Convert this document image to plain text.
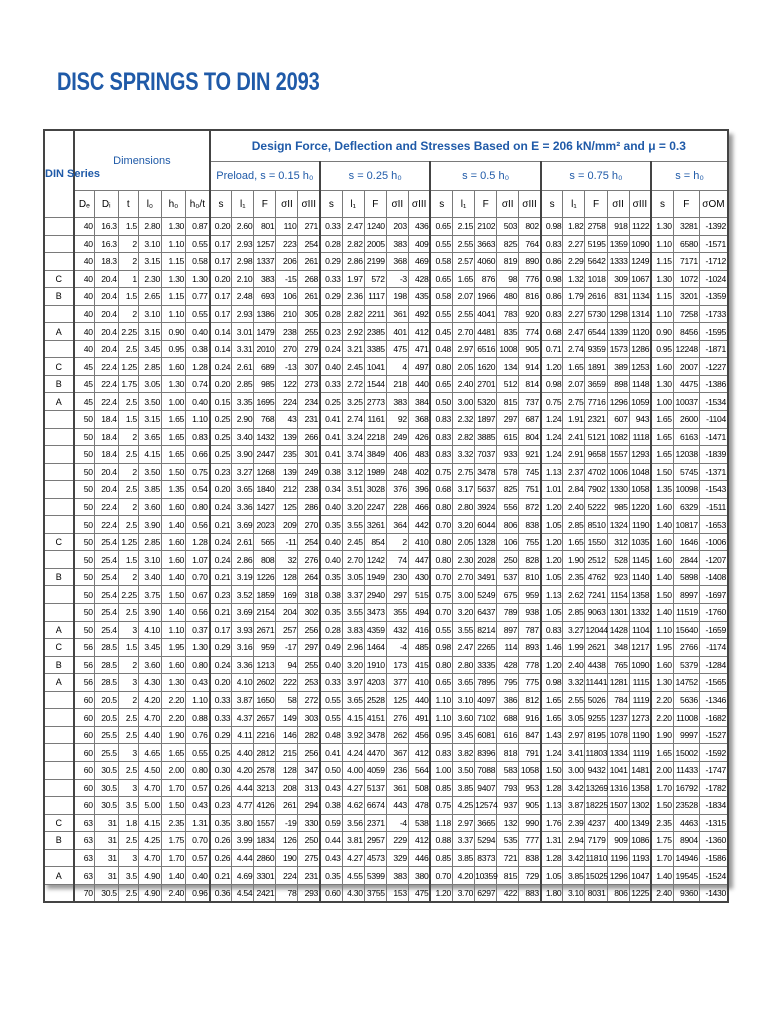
DISC SPRINGS TO DIN 2093
DIN Series	Dimensions						Design Force, Deflection and Stresses Based on E = 206 kN/mm² and μ = 0.3																						
							Preload, s = 0.15 h₀					s = 0.25 h₀					s = 0.5 h₀					s = 0.75 h₀					s = h₀		
	Dₑ	Dᵢ	t	l₀	h₀	h₀/t	s	l₁	F	σII	σIII	s	l₁	F	σII	σIII	s	l₁	F	σII	σIII	s	l₁	F	σII	σIII	s	F	σOM
	40	16.3	1.5	2.80	1.30	0.87	0.20	2.60	801	110	271	0.33	2.47	1240	203	436	0.65	2.15	2102	503	802	0.98	1.82	2758	918	1122	1.30	3281	-1392
	40	16.3	2	3.10	1.10	0.55	0.17	2.93	1257	223	254	0.28	2.82	2005	383	409	0.55	2.55	3663	825	764	0.83	2.27	5195	1359	1090	1.10	6580	-1571
	40	18.3	2	3.15	1.15	0.58	0.17	2.98	1337	206	261	0.29	2.86	2199	368	469	0.58	2.57	4060	819	890	0.86	2.29	5642	1333	1249	1.15	7171	-1712
C	40	20.4	1	2.30	1.30	1.30	0.20	2.10	383	-15	268	0.33	1.97	572	-3	428	0.65	1.65	876	98	776	0.98	1.32	1018	309	1067	1.30	1072	-1024
B	40	20.4	1.5	2.65	1.15	0.77	0.17	2.48	693	106	261	0.29	2.36	1117	198	435	0.58	2.07	1966	480	816	0.86	1.79	2616	831	1134	1.15	3201	-1359
	40	20.4	2	3.10	1.10	0.55	0.17	2.93	1386	210	305	0.28	2.82	2211	361	492	0.55	2.55	4041	783	920	0.83	2.27	5730	1298	1314	1.10	7258	-1733
A	40	20.4	2.25	3.15	0.90	0.40	0.14	3.01	1479	238	255	0.23	2.92	2385	401	412	0.45	2.70	4481	835	774	0.68	2.47	6544	1339	1120	0.90	8456	-1595
	40	20.4	2.5	3.45	0.95	0.38	0.14	3.31	2010	270	279	0.24	3.21	3385	475	471	0.48	2.97	6516	1008	905	0.71	2.74	9359	1573	1286	0.95	12248	-1871
C	45	22.4	1.25	2.85	1.60	1.28	0.24	2.61	689	-13	307	0.40	2.45	1041	4	497	0.80	2.05	1620	134	914	1.20	1.65	1891	389	1253	1.60	2007	-1227
B	45	22.4	1.75	3.05	1.30	0.74	0.20	2.85	985	122	273	0.33	2.72	1544	218	440	0.65	2.40	2701	512	814	0.98	2.07	3659	898	1148	1.30	4475	-1386
A	45	22.4	2.5	3.50	1.00	0.40	0.15	3.35	1695	224	234	0.25	3.25	2773	383	384	0.50	3.00	5320	815	737	0.75	2.75	7716	1296	1059	1.00	10037	-1534
	50	18.4	1.5	3.15	1.65	1.10	0.25	2.90	768	43	231	0.41	2.74	1161	92	368	0.83	2.32	1897	297	687	1.24	1.91	2321	607	943	1.65	2600	-1104
	50	18.4	2	3.65	1.65	0.83	0.25	3.40	1432	139	266	0.41	3.24	2218	249	426	0.83	2.82	3885	615	804	1.24	2.41	5121	1082	1118	1.65	6163	-1471
	50	18.4	2.5	4.15	1.65	0.66	0.25	3.90	2447	235	301	0.41	3.74	3849	406	483	0.83	3.32	7037	933	921	1.24	2.91	9658	1557	1293	1.65	12038	-1839
	50	20.4	2	3.50	1.50	0.75	0.23	3.27	1268	139	249	0.38	3.12	1989	248	402	0.75	2.75	3478	578	745	1.13	2.37	4702	1006	1048	1.50	5745	-1371
	50	20.4	2.5	3.85	1.35	0.54	0.20	3.65	1840	212	238	0.34	3.51	3028	376	396	0.68	3.17	5637	825	751	1.01	2.84	7902	1330	1058	1.35	10098	-1543
	50	22.4	2	3.60	1.60	0.80	0.24	3.36	1427	125	286	0.40	3.20	2247	228	466	0.80	2.80	3924	556	872	1.20	2.40	5222	985	1220	1.60	6329	-1511
	50	22.4	2.5	3.90	1.40	0.56	0.21	3.69	2023	209	270	0.35	3.55	3261	364	442	0.70	3.20	6044	806	838	1.05	2.85	8510	1324	1190	1.40	10817	-1653
C	50	25.4	1.25	2.85	1.60	1.28	0.24	2.61	565	-11	254	0.40	2.45	854	2	410	0.80	2.05	1328	106	755	1.20	1.65	1550	312	1035	1.60	1646	-1006
	50	25.4	1.5	3.10	1.60	1.07	0.24	2.86	808	32	276	0.40	2.70	1242	74	447	0.80	2.30	2028	250	828	1.20	1.90	2512	528	1145	1.60	2844	-1207
B	50	25.4	2	3.40	1.40	0.70	0.21	3.19	1226	128	264	0.35	3.05	1949	230	430	0.70	2.70	3491	537	810	1.05	2.35	4762	923	1140	1.40	5898	-1408
	50	25.4	2.25	3.75	1.50	0.67	0.23	3.52	1859	169	318	0.38	3.37	2940	297	515	0.75	3.00	5249	675	959	1.13	2.62	7241	1154	1358	1.50	8997	-1697
	50	25.4	2.5	3.90	1.40	0.56	0.21	3.69	2154	204	302	0.35	3.55	3473	355	494	0.70	3.20	6437	789	938	1.05	2.85	9063	1301	1332	1.40	11519	-1760
A	50	25.4	3	4.10	1.10	0.37	0.17	3.93	2671	257	256	0.28	3.83	4359	432	416	0.55	3.55	8214	897	787	0.83	3.27	12044	1428	1104	1.10	15640	-1659
C	56	28.5	1.5	3.45	1.95	1.30	0.29	3.16	959	-17	297	0.49	2.96	1464	-4	485	0.98	2.47	2265	114	893	1.46	1.99	2621	348	1217	1.95	2766	-1174
B	56	28.5	2	3.60	1.60	0.80	0.24	3.36	1213	94	255	0.40	3.20	1910	173	415	0.80	2.80	3335	428	778	1.20	2.40	4438	765	1090	1.60	5379	-1284
A	56	28.5	3	4.30	1.30	0.43	0.20	4.10	2602	222	253	0.33	3.97	4203	377	410	0.65	3.65	7895	795	775	0.98	3.32	11441	1281	1115	1.30	14752	-1565
	60	20.5	2	4.20	2.20	1.10	0.33	3.87	1650	58	272	0.55	3.65	2528	125	440	1.10	3.10	4097	386	812	1.65	2.55	5026	784	1119	2.20	5636	-1346
	60	20.5	2.5	4.70	2.20	0.88	0.33	4.37	2657	149	303	0.55	4.15	4151	276	491	1.10	3.60	7102	688	916	1.65	3.05	9255	1237	1273	2.20	11008	-1682
	60	25.5	2.5	4.40	1.90	0.76	0.29	4.11	2216	146	282	0.48	3.92	3478	262	456	0.95	3.45	6081	616	847	1.43	2.97	8195	1078	1190	1.90	9997	-1527
	60	25.5	3	4.65	1.65	0.55	0.25	4.40	2812	215	256	0.41	4.24	4470	367	412	0.83	3.82	8396	818	791	1.24	3.41	11803	1334	1119	1.65	15002	-1592
	60	30.5	2.5	4.50	2.00	0.80	0.30	4.20	2578	128	347	0.50	4.00	4059	236	564	1.00	3.50	7088	583	1058	1.50	3.00	9432	1041	1481	2.00	11433	-1747
	60	30.5	3	4.70	1.70	0.57	0.26	4.44	3213	208	313	0.43	4.27	5137	361	508	0.85	3.85	9407	793	953	1.28	3.42	13269	1316	1358	1.70	16792	-1782
	60	30.5	3.5	5.00	1.50	0.43	0.23	4.77	4126	261	294	0.38	4.62	6674	443	478	0.75	4.25	12574	937	905	1.13	3.87	18225	1507	1302	1.50	23528	-1834
C	63	31	1.8	4.15	2.35	1.31	0.35	3.80	1557	-19	330	0.59	3.56	2371	-4	538	1.18	2.97	3665	132	990	1.76	2.39	4237	400	1349	2.35	4463	-1315
B	63	31	2.5	4.25	1.75	0.70	0.26	3.99	1834	126	250	0.44	3.81	2957	229	412	0.88	3.37	5294	535	777	1.31	2.94	7179	909	1086	1.75	8904	-1360
	63	31	3	4.70	1.70	0.57	0.26	4.44	2860	190	275	0.43	4.27	4573	329	446	0.85	3.85	8373	721	838	1.28	3.42	11810	1196	1193	1.70	14946	-1586
A	63	31	3.5	4.90	1.40	0.40	0.21	4.69	3301	224	231	0.35	4.55	5399	383	380	0.70	4.20	10359	815	729	1.05	3.85	15025	1296	1047	1.40	19545	-1524
	70	30.5	2.5	4.90	2.40	0.96	0.36	4.54	2421	78	293	0.60	4.30	3755	153	475	1.20	3.70	6297	422	883	1.80	3.10	8031	806	1225	2.40	9360	-1430
